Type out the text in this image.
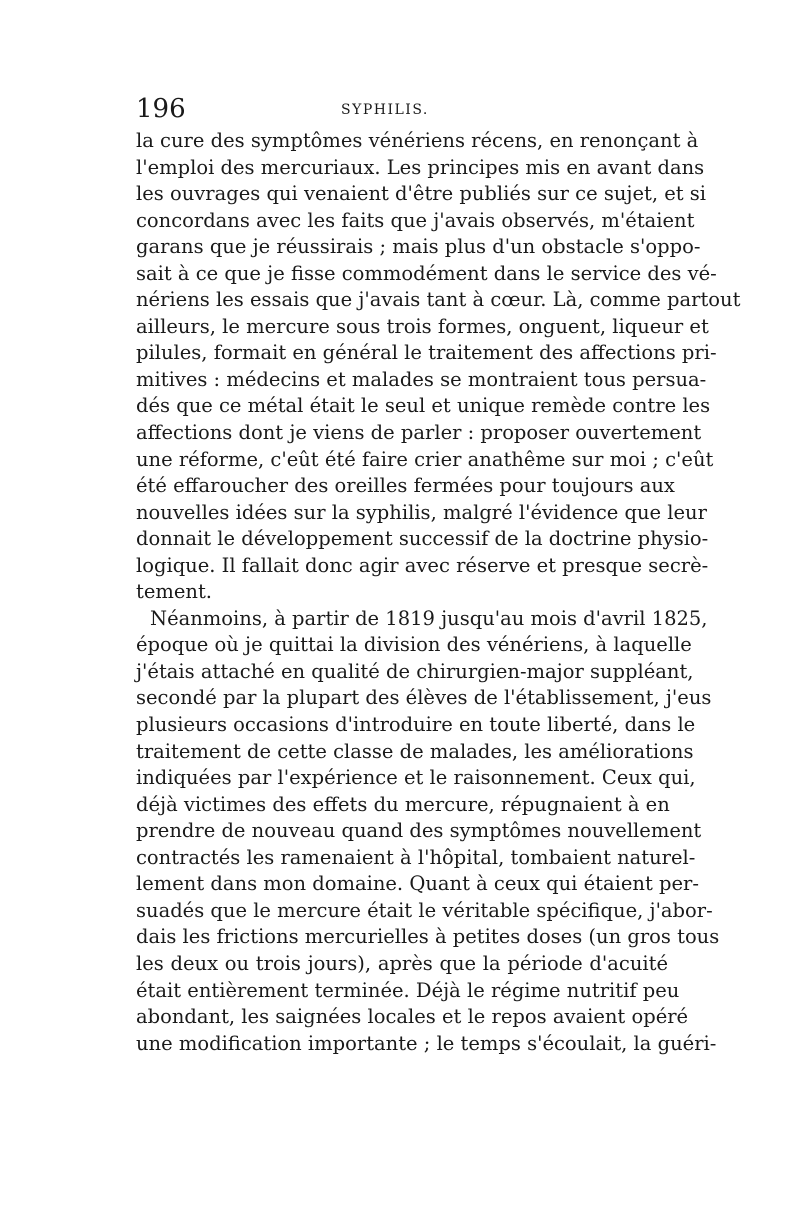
196	SYPHILIS.
la cure des symptômes vénériens récens, en renonçant à
l'emploi des mercuriaux. Les principes mis en avant dans
les ouvrages qui venaient d'être publiés sur ce sujet, et si
concordans avec les faits que j'avais observés, m'étaient
garans que je réussirais ; mais plus d'un obstacle s'oppo-
sait à ce que je fisse commodément dans le service des vé-
nériens les essais que j'avais tant à cœur. Là, comme partout
ailleurs, le mercure sous trois formes, onguent, liqueur et
pilules, formait en général le traitement des affections pri-
mitives : médecins et malades se montraient tous persua-
dés que ce métal était le seul et unique remède contre les
affections dont je viens de parler : proposer ouvertement
une réforme, c'eût été faire crier anathême sur moi ; c'eût
été effaroucher des oreilles fermées pour toujours aux
nouvelles idées sur la syphilis, malgré l'évidence que leur
donnait le développement successif de la doctrine physio-
logique. Il fallait donc agir avec réserve et presque secrè-
tement.
Néanmoins, à partir de 1819 jusqu'au mois d'avril 1825,
époque où je quittai la division des vénériens, à laquelle
j'étais attaché en qualité de chirurgien-major suppléant,
secondé par la plupart des élèves de l'établissement, j'eus
plusieurs occasions d'introduire en toute liberté, dans le
traitement de cette classe de malades, les améliorations
indiquées par l'expérience et le raisonnement. Ceux qui,
déjà victimes des effets du mercure, répugnaient à en
prendre de nouveau quand des symptômes nouvellement
contractés les ramenaient à l'hôpital, tombaient naturel-
lement dans mon domaine. Quant à ceux qui étaient per-
suadés que le mercure était le véritable spécifique, j'abor-
dais les frictions mercurielles à petites doses (un gros tous
les deux ou trois jours), après que la période d'acuité
était entièrement terminée. Déjà le régime nutritif peu
abondant, les saignées locales et le repos avaient opéré
une modification importante ; le temps s'écoulait, la guéri-
